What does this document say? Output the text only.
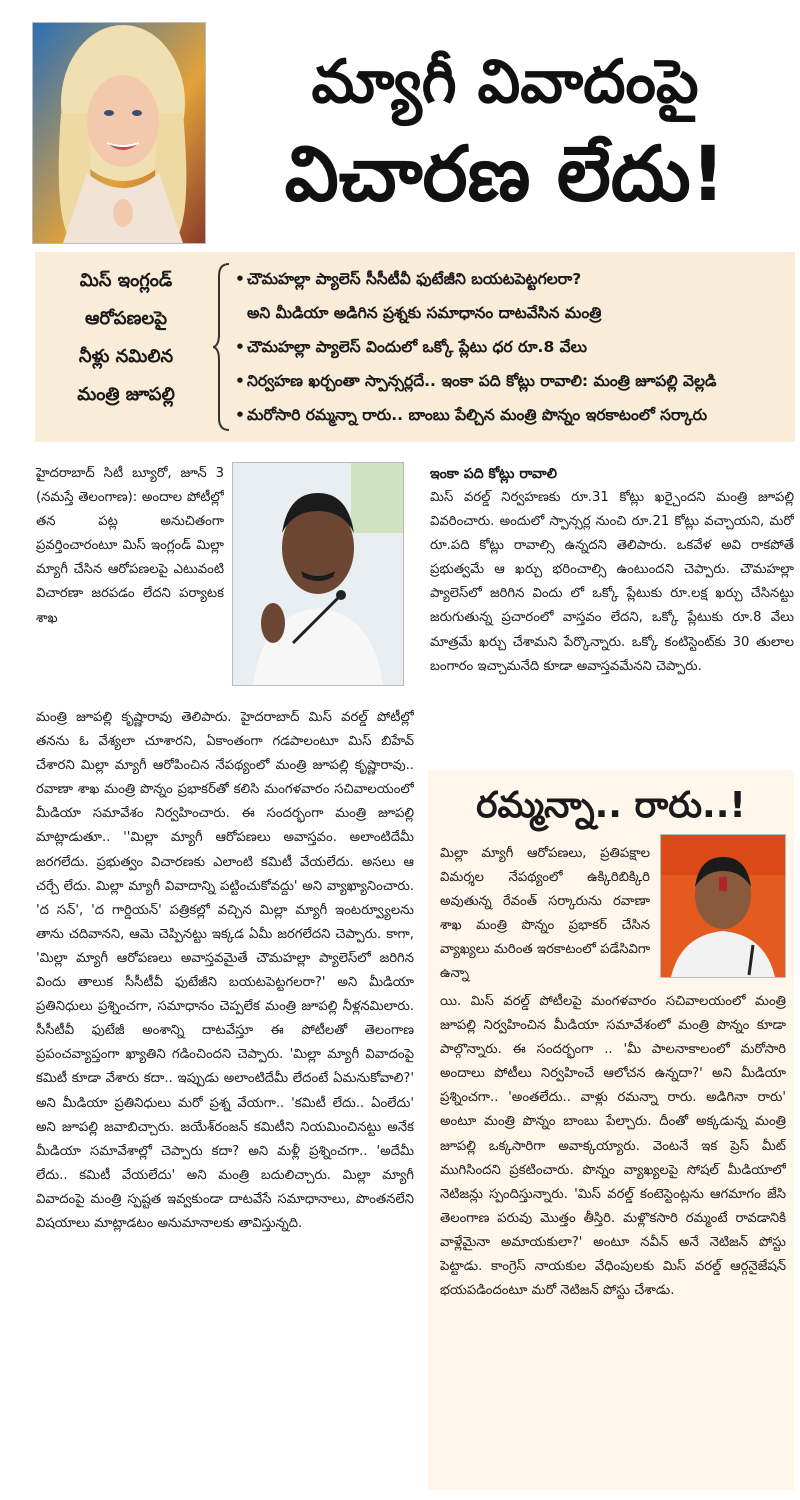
మ్యాగీ వివాదంపై
విచారణ లేదు!
మిస్ ఇంగ్లండ్
ఆరోపణలపై
నీళ్లు నమిలిన
మంత్రి జూపల్లి
• చౌమహల్లా ప్యాలెస్ సీసీటీవీ ఫుటేజీని బయటపెట్టగలరా?
అని మీడియా అడిగిన ప్రశ్నకు సమాధానం దాటవేసిన మంత్రి
• చౌమహల్లా ప్యాలెస్ విందులో ఒక్కో ప్లేటు ధర రూ.8 వేలు
• నిర్వహణ ఖర్చంతా స్పాన్సర్లదే.. ఇంకా పది కోట్లు రావాలి: మంత్రి జూపల్లి వెల్లడి
• మరోసారి రమ్మన్నా రారు.. బాంబు పేల్చిన మంత్రి పొన్నం ఇరకాటంలో సర్కారు

హైదరాబాద్ సిటీ బ్యూరో, జూన్ 3 (నమస్తే తెలంగాణ): అందాల పోటీల్లో తన పట్ల అనుచితంగా ప్రవర్తించారంటూ మిస్ ఇంగ్లండ్ మిల్లా మ్యాగీ చేసిన ఆరోపణలపై ఎటువంటి విచారణా జరపడం లేదని పర్యాటక శాఖ

మంత్రి జూపల్లి కృష్ణారావు తెలిపారు. హైదరాబాద్ మిస్ వరల్డ్ పోటీల్లో తనను ఓ వేశ్యలా చూశారని, ఏకాంతంగా గడపాలంటూ మిస్ బిహేవ్ చేశారని మిల్లా మ్యాగీ ఆరోపించిన నేపథ్యంలో మంత్రి జూపల్లి కృష్ణారావు.. రవాణా శాఖ మంత్రి పొన్నం ప్రభాకర్‌తో కలిసి మంగళవారం సచివాలయంలో మీడియా సమావేశం నిర్వహించారు. ఈ సందర్భంగా మంత్రి జూపల్లి మాట్లాడుతూ.. ''మిల్లా మ్యాగీ ఆరోపణలు అవాస్తవం. అలాంటిదేమీ జరగలేదు. ప్రభుత్వం విచారణకు ఎలాంటి కమిటీ వేయలేదు. అసలు ఆ చర్చే లేదు. మిల్లా మ్యాగీ వివాదాన్ని పట్టించుకోవద్దు' అని వ్యాఖ్యానించారు. 'ద సన్', 'ద గార్డియన్' పత్రికల్లో వచ్చిన మిల్లా మ్యాగీ ఇంటర్వ్యూలను తాను చదివానని, ఆమె చెప్పినట్టు ఇక్కడ ఏమీ జరగలేదని చెప్పారు. కాగా, 'మిల్లా మ్యాగీ ఆరోపణలు అవాస్తవమైతే చౌమహల్లా ప్యాలెస్‌లో జరిగిన విందు తాలుక సీసీటీవీ ఫుటేజీని బయటపెట్టగలరా?' అని మీడియా ప్రతినిధులు ప్రశ్నించగా, సమాధానం చెప్పలేక మంత్రి జూపల్లి నీళ్లనమిలారు. సీసీటీవీ ఫుటేజీ అంశాన్ని దాటవేస్తూ ఈ పోటీలతో తెలంగాణ ప్రపంచవ్యాప్తంగా ఖ్యాతిని గడించిందని చెప్పారు. 'మిల్లా మ్యాగీ వివాదంపై కమిటీ కూడా వేశారు కదా.. ఇప్పుడు అలాంటిదేమీ లేదంటే ఏమనుకోవాలి?' అని మీడియా ప్రతినిధులు మరో ప్రశ్న వేయగా.. 'కమిటీ లేదు.. ఏంలేదు' అని జూపల్లి జవాబిచ్చారు. జయేశ్‌రంజన్ కమిటీని నియమించినట్టు అనేక మీడియా సమావేశాల్లో చెప్పారు కదా? అని మళ్లీ ప్రశ్నించగా.. 'అదేమీ లేదు.. కమిటీ వేయలేదు' అని మంత్రి బదులిచ్చారు. మిల్లా మ్యాగీ వివాదంపై మంత్రి స్పష్టత ఇవ్వకుండా దాటవేసే సమాధానాలు, పొంతనలేని విషయాలు మాట్లాడటం అనుమానాలకు తావిస్తున్నది.

ఇంకా పది కోట్లు రావాలి

మిస్ వరల్డ్ నిర్వహణకు రూ.31 కోట్లు ఖర్చైందని మంత్రి జూపల్లి వివరించారు. అందులో స్పాన్సర్ల నుంచి రూ.21 కోట్లు వచ్చాయని, మరో రూ.పది కోట్లు రావాల్సి ఉన్నదని తెలిపారు. ఒకవేళ అవి రాకపోతే ప్రభుత్వమే ఆ ఖర్చు భరించాల్సి ఉంటుందని చెప్పారు. చౌమహల్లా ప్యాలెస్‌లో జరిగిన విందు లో ఒక్కో ప్లేటుకు రూ.లక్ష ఖర్చు చేసినట్టు జరుగుతున్న ప్రచారంలో వాస్తవం లేదని, ఒక్కో ప్లేటుకు రూ.8 వేలు మాత్రమే ఖర్చు చేశామని పేర్కొన్నారు. ఒక్కో కంటిస్టెంట్‌కు 30 తులాల బంగారం ఇచ్చామనేది కూడా అవాస్తవమేనని చెప్పారు.

రమ్మన్నా.. రారు..!

మిల్లా మ్యాగీ ఆరోపణలు, ప్రతిపక్షాల విమర్శల నేపథ్యంలో ఉక్కిరిబిక్కిరి అవుతున్న రేవంత్ సర్కారును రవాణా శాఖ మంత్రి పొన్నం ప్రభాకర్ చేసిన వ్యాఖ్యలు మరింత ఇరకాటంలో పడేసివిగా ఉన్నా

యి. మిస్ వరల్డ్ పోటీలపై మంగళవారం సచివాలయంలో మంత్రి జూపల్లి నిర్వహించిన మీడియా సమావేశంలో మంత్రి పొన్నం కూడా పాల్గొన్నారు. ఈ సందర్భంగా .. 'మీ పాలనాకాలంలో మరోసారి అందాలు పోటీలు నిర్వహించే ఆలోచన ఉన్నదా?' అని మీడియా ప్రశ్నించగా.. 'అంతలేదు.. వాళ్లు రమన్నా రారు. అడిగినా రారు' అంటూ మంత్రి పొన్నం బాంబు పేల్చారు. దీంతో అక్కడున్న మంత్రి జూపల్లి ఒక్కసారిగా అవాక్కయ్యారు. వెంటనే ఇక ప్రెస్ మీట్ ముగిసిందని ప్రకటించారు. పొన్నం వ్యాఖ్యలపై సోషల్ మీడియాలో నెటిజన్లు స్పందిస్తున్నారు. 'మిస్ వరల్డ్ కంటెస్టెంట్లను ఆగమాగం జేసి తెలంగాణ పరువు మొత్తం తీస్తిరి. మళ్లొకసారి రమ్మంటే రావడానికి వాళ్లేమైనా అమాయకులా?' అంటూ నవీన్ అనే నెటిజన్ పోస్టు పెట్టాడు. కాంగ్రెస్ నాయకుల వేధింపులకు మిస్ వరల్డ్ ఆర్గనైజేషన్ భయపడిందంటూ మరో నెటిజన్ పోస్టు చేశాడు.
